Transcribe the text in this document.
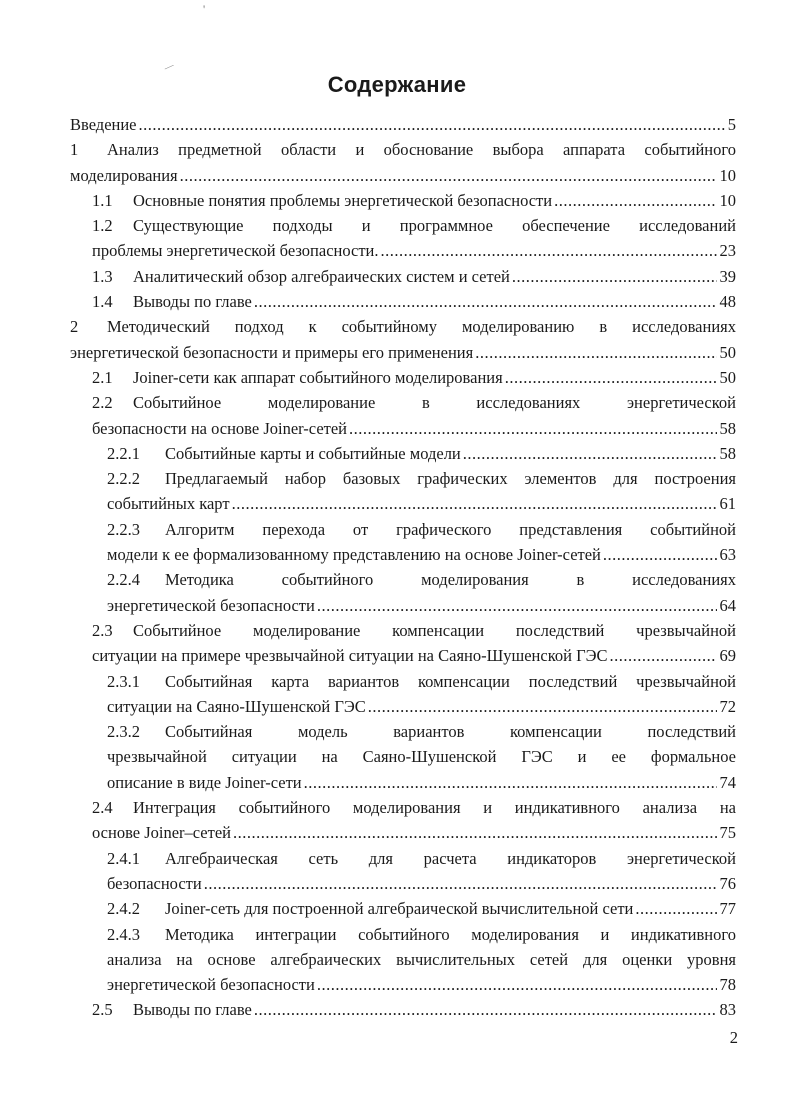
'
⁄
Содержание
Введение .....	5
1 Анализ предметной области и обоснование выбора аппарата событийного
моделирования .....	10
1.1 Основные понятия проблемы энергетической безопасности .....	10
1.2 Существующие подходы и программное обеспечение исследований
проблемы энергетической безопасности. .....	23
1.3 Аналитический обзор алгебраических систем и сетей .....	39
1.4 Выводы по главе .....	48
2 Методический подход к событийному моделированию в исследованиях
энергетической безопасности и примеры его применения .....	50
2.1 Joiner-сети как аппарат событийного моделирования .....	50
2.2 Событийное моделирование в исследованиях энергетической
безопасности на основе Joiner-сетей .....	58
2.2.1 Событийные карты и событийные модели .....	58
2.2.2 Предлагаемый набор базовых графических элементов для построения
событийных карт .....	61
2.2.3 Алгоритм перехода от графического представления событийной
модели к ее формализованному представлению на основе Joiner-сетей .....	63
2.2.4 Методика событийного моделирования в исследованиях
энергетической безопасности .....	64
2.3 Событийное моделирование компенсации последствий чрезвычайной
ситуации на примере чрезвычайной ситуации на Саяно-Шушенской ГЭС .....	69
2.3.1 Событийная карта вариантов компенсации последствий чрезвычайной
ситуации на Саяно-Шушенской ГЭС .....	72
2.3.2 Событийная модель вариантов компенсации последствий
чрезвычайной ситуации на Саяно-Шушенской ГЭС и ее формальное
описание в виде Joiner-сети .....	74
2.4 Интеграция событийного моделирования и индикативного анализа на
основе Joiner–сетей .....	75
2.4.1 Алгебраическая сеть для расчета индикаторов энергетической
безопасности .....	76
2.4.2 Joiner-сеть для построенной алгебраической вычислительной сети .....	77
2.4.3 Методика интеграции событийного моделирования и индикативного
анализа на основе алгебраических вычислительных сетей для оценки уровня
энергетической безопасности .....	78
2.5 Выводы по главе .....	83
2
